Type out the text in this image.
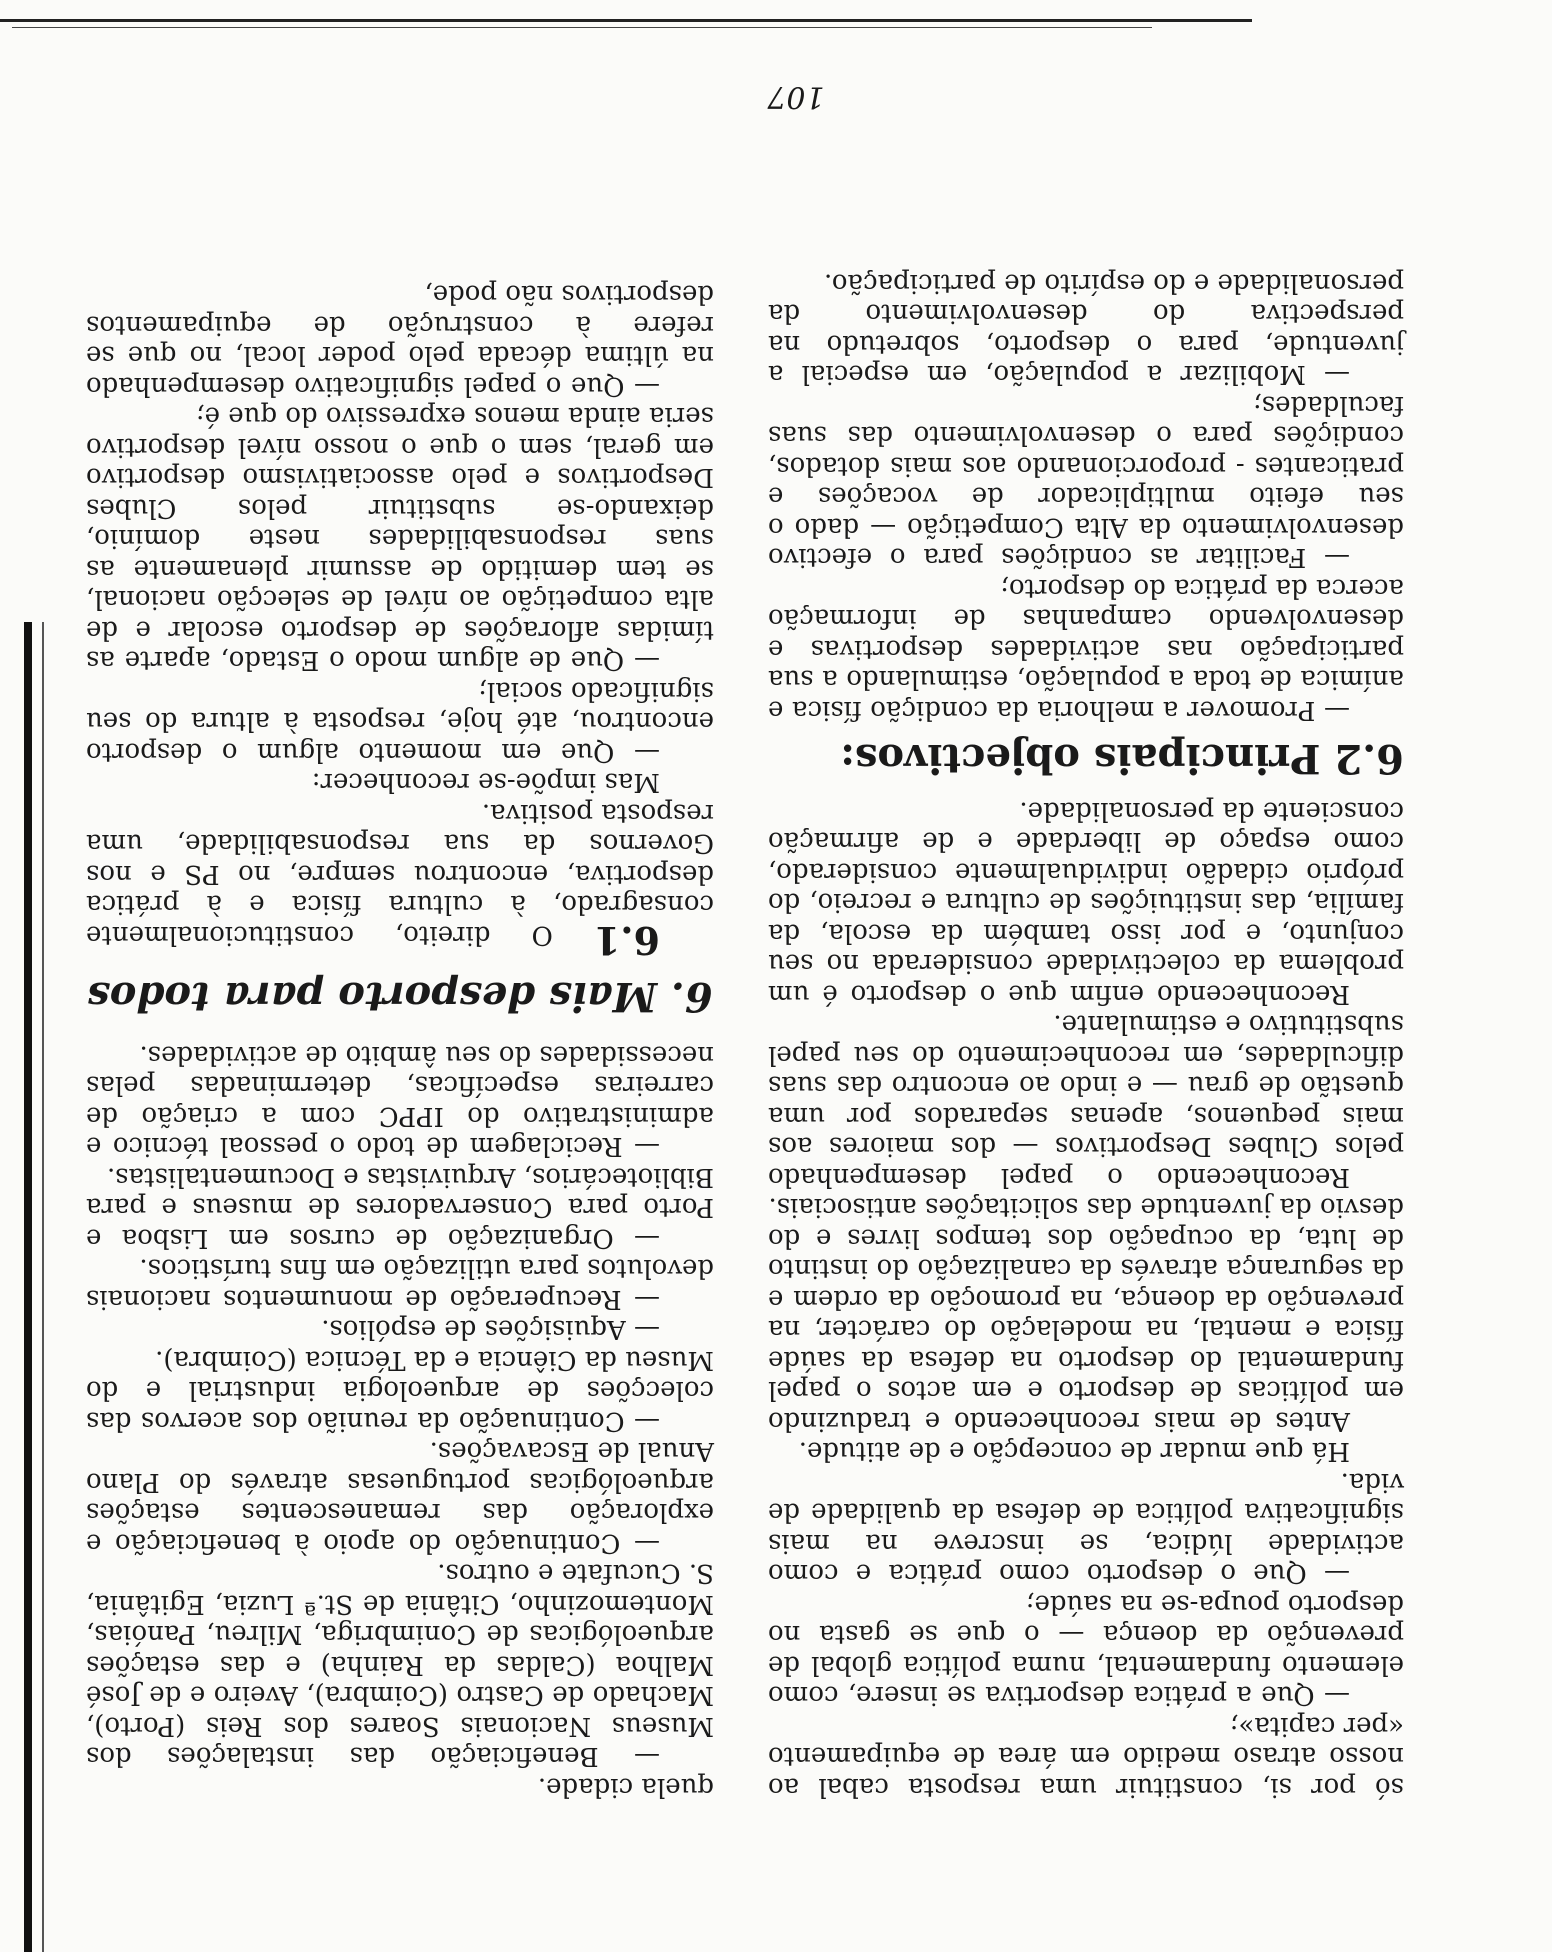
107

só por si, constituir uma resposta cabal ao nosso atraso medido em área de equipamento «per capita»;

— Que a prática desportiva se insere, como elemento fundamental, numa política global de prevenção da doença — o que se gasta no desporto poupa-se na saúde;

— Que o desporto como prática e como actividade lúdica, se inscreve na mais significativa política de defesa da qualidade de vida.

Há que mudar de concepção e de atitude.

Antes de mais reconhecendo e traduzindo em políticas de desporto e em actos o papel fundamental do desporto na defesa da saúde física e mental, na modelação do carácter, na prevenção da doença, na promoção da ordem e da segurança através da canalização do instinto de luta, da ocupação dos tempos livres e do desvio da juventude das solicitações antisociais.

Reconhecendo o papel desempenhado pelos Clubes Desportivos — dos maiores aos mais pequenos, apenas separados por uma questão de grau — e indo ao encontro das suas dificuldades, em reconhecimento do seu papel substitutivo e estimulante.

Reconhecendo enfim que o desporto é um problema da colectividade considerada no seu conjunto, e por isso também da escola, da família, das instituições de cultura e recreio, do próprio cidadão individualmente considerado, como espaço de liberdade e de afirmação consciente da personalidade.

6.2 Principais objectivos:

— Promover a melhoria da condição física e anímica de toda a população, estimulando a sua participação nas actividades desportivas e desenvolvendo campanhas de informação acerca da prática do desporto;

— Facilitar as condições para o efectivo desenvolvimento da Alta Competição — dado o seu efeito multiplicador de vocações e praticantes - proporcionando aos mais dotados, condições para o desenvolvimento das suas faculdades;

— Mobilizar a população, em especial a juventude, para o desporto, sobretudo na perspectiva do desenvolvimento da personalidade e do espírito de participação.

quela cidade.

— Beneficiação das instalações dos Museus Nacionais Soares dos Reis (Porto), Machado de Castro (Coimbra), Aveiro e de José Malhoa (Caldas da Rainha) e das estações arqueológicas de Conimbriga, Milreu, Panóias, Montemozinho, Citânia de St.ª Luzia, Egitânia, S. Cucufate e outros.

— Continuação do apoio à beneficiação e exploração das remanescentes estações arqueológicas portuguesas através do Plano Anual de Escavações.

— Continuação da reunião dos acervos das colecções de arqueologia industrial e do Museu da Ciência e da Técnica (Coimbra).

— Aquisições de espólios.

— Recuperação de monumentos nacionais devolutos para utilização em fins turísticos.

— Organização de cursos em Lisboa e Porto para Conservadores de museus e para Bibliotecários, Arquivistas e Documentalistas.

— Reciclagem de todo o pessoal técnico e administrativo do IPPC com a criação de carreiras específicas, determinadas pelas necessidades do seu âmbito de actividades.

6. Mais desporto para todos

6.1 O direito, constitucionalmente consagrado, à cultura física e à prática desportiva, encontrou sempre, no PS e nos Governos da sua responsabilidade, uma resposta positiva.

Mas impõe-se reconhecer:

— Que em momento algum o desporto encontrou, até hoje, resposta à altura do seu significado social;

— Que de algum modo o Estado, aparte as tímidas aflorações de desporto escolar e de alta competição ao nível de selecção nacional, se tem demitido de assumir plenamente as suas responsabilidades neste domínio, deixando-se substituir pelos Clubes Desportivos e pelo associativismo desportivo em geral, sem o que o nosso nível desportivo seria ainda menos expressivo do que é;

— Que o papel significativo desempenhado na última década pelo poder local, no que se refere à construção de equipamentos desportivos não pode,
